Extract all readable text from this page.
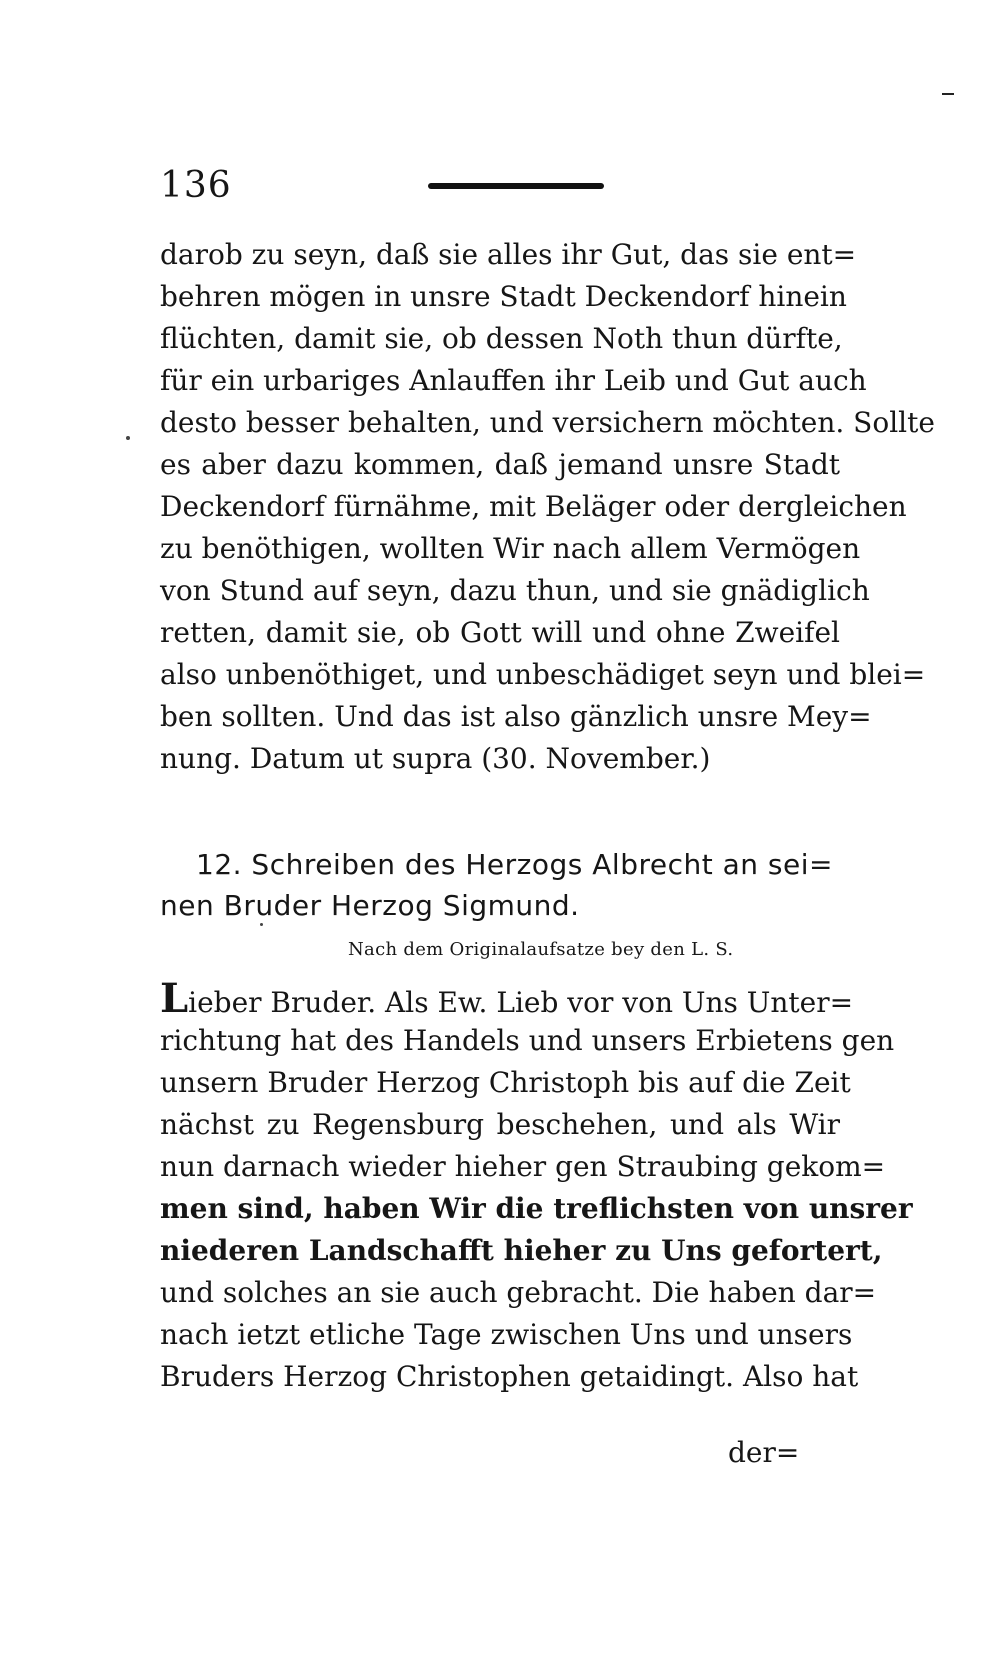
136
darob zu seyn, daß sie alles ihr Gut, das sie ent=
behren mögen in unsre Stadt Deckendorf hinein
flüchten, damit sie, ob dessen Noth thun dürfte,
für ein urbariges Anlauffen ihr Leib und Gut auch
desto besser behalten, und versichern möchten. Sollte
es aber dazu kommen, daß jemand unsre Stadt
Deckendorf fürnähme, mit Beläger oder dergleichen
zu benöthigen, wollten Wir nach allem Vermögen
von Stund auf seyn, dazu thun, und sie gnädiglich
retten, damit sie, ob Gott will und ohne Zweifel
also unbenöthiget, und unbeschädiget seyn und blei=
ben sollten. Und das ist also gänzlich unsre Mey=
nung. Datum ut supra (30. November.)
12. Schreiben des Herzogs Albrecht an sei=
nen Bruder Herzog Sigmund.
Nach dem Originalaufsatze bey den L. S.
Lieber Bruder. Als Ew. Lieb vor von Uns Unter=
richtung hat des Handels und unsers Erbietens gen
unsern Bruder Herzog Christoph bis auf die Zeit
nächst zu Regensburg beschehen, und als Wir
nun darnach wieder hieher gen Straubing gekom=
men sind, haben Wir die treflichsten von unsrer
niederen Landschafft hieher zu Uns gefortert,
und solches an sie auch gebracht. Die haben dar=
nach ietzt etliche Tage zwischen Uns und unsers
Bruders Herzog Christophen getaidingt. Also hat
der=
